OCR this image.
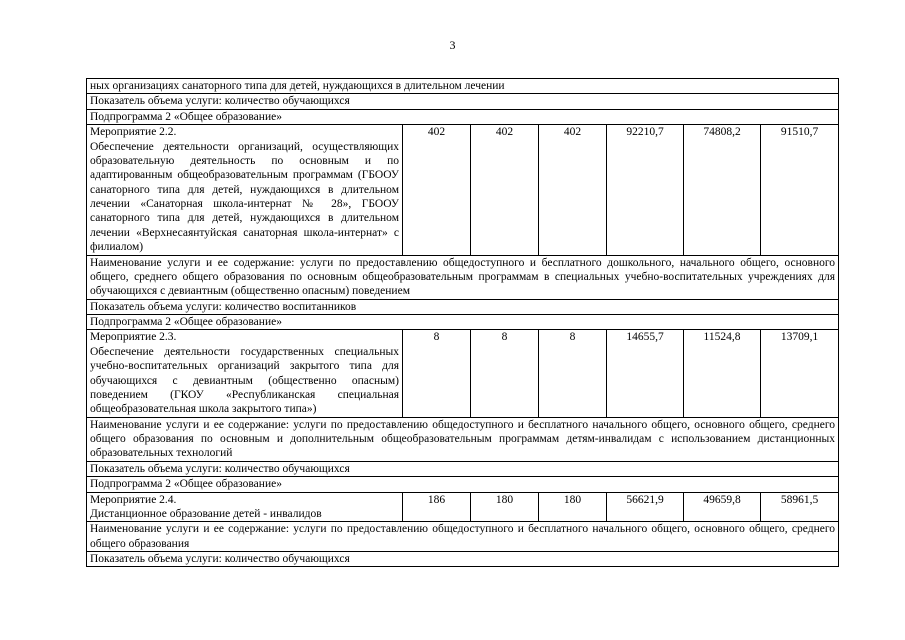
3
ных организациях санаторного типа для детей, нуждающихся в длительном лечении						
Показатель объема услуги: количество обучающихся						
Подпрограмма 2 «Общее образование»						

Мероприятие 2.2.
Обеспечение деятельности организаций, осуществляющих образовательную деятельность по основным и по адаптированным общеобразовательным программам (ГБООУ санаторного типа для детей, нуждающихся в длительном лечении «Санаторная школа-интернат № 28», ГБООУ санаторного типа для детей, нуждающихся в длительном лечении «Верхнесаянтуйская санаторная школа-интернат» с филиалом)	402	402	402	92210,7	74808,2	91510,7
Наименование услуги и ее содержание: услуги по предоставлению общедоступного и бесплатного дошкольного, начального общего, основного общего, среднего общего образования по основным общеобразовательным программам в специальных учебно-воспитательных учреждениях для обучающихся с девиантным (общественно опасным) поведением						
Показатель объема услуги: количество воспитанников						
Подпрограмма 2 «Общее образование»						

Мероприятие 2.3.
Обеспечение деятельности государственных специальных учебно-воспитательных организаций закрытого типа для обучающихся с девиантным (общественно опасным) поведением (ГКОУ «Республиканская специальная общеобразовательная школа закрытого типа»)	8	8	8	14655,7	11524,8	13709,1
Наименование услуги и ее содержание: услуги по предоставлению общедоступного и бесплатного начального общего, основного общего, среднего общего образования по основным и дополнительным общеобразовательным программам детям-инвалидам с использованием дистанционных образовательных технологий						
Показатель объема услуги: количество обучающихся						
Подпрограмма 2 «Общее образование»						

Мероприятие 2.4.
Дистанционное образование детей - инвалидов	186	180	180	56621,9	49659,8	58961,5
Наименование услуги и ее содержание: услуги по предоставлению общедоступного и бесплатного начального общего, основного общего, среднего общего образования						
Показатель объема услуги: количество обучающихся						
